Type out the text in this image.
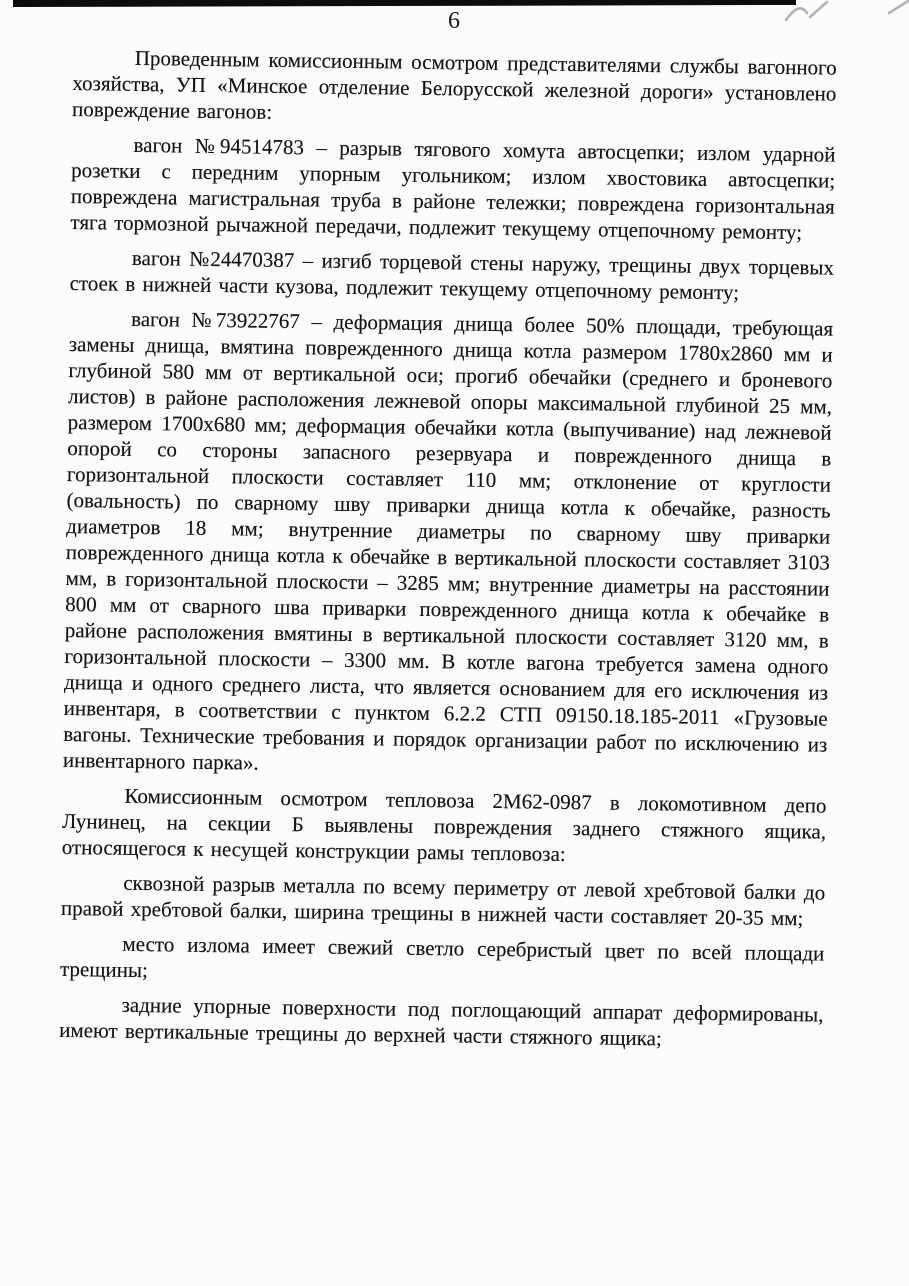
6

Проведенным комиссионным осмотром представителями службы вагонного хозяйства, УП «Минское отделение Белорусской железной дороги» установлено повреждение вагонов:

вагон №94514783 – разрыв тягового хомута автосцепки; излом ударной розетки с передним упорным угольником; излом хвостовика автосцепки; повреждена магистральная труба в районе тележки; повреждена горизонтальная тяга тормозной рычажной передачи, подлежит текущему отцепочному ремонту;

вагон №24470387 – изгиб торцевой стены наружу, трещины двух торцевых стоек в нижней части кузова, подлежит текущему отцепочному ремонту;

вагон №73922767 – деформация днища более 50% площади, требующая замены днища, вмятина поврежденного днища котла размером 1780х2860 мм и глубиной 580 мм от вертикальной оси; прогиб обечайки (среднего и броневого листов) в районе расположения лежневой опоры максимальной глубиной 25 мм, размером 1700х680 мм; деформация обечайки котла (выпучивание) над лежневой опорой со стороны запасного резервуара и поврежденного днища в горизонтальной плоскости составляет 110 мм; отклонение от круглости (овальность) по сварному шву приварки днища котла к обечайке, разность диаметров 18 мм; внутренние диаметры по сварному шву приварки поврежденного днища котла к обечайке в вертикальной плоскости составляет 3103 мм, в горизонтальной плоскости – 3285 мм; внутренние диаметры на расстоянии 800 мм от сварного шва приварки поврежденного днища котла к обечайке в районе расположения вмятины в вертикальной плоскости составляет 3120 мм, в горизонтальной плоскости – 3300 мм. В котле вагона требуется замена одного днища и одного среднего листа, что является основанием для его исключения из инвентаря, в соответствии с пунктом 6.2.2 СТП 09150.18.185-2011 «Грузовые вагоны. Технические требования и порядок организации работ по исключению из инвентарного парка».

Комиссионным осмотром тепловоза 2М62-0987 в локомотивном депо Лунинец, на секции Б выявлены повреждения заднего стяжного ящика, относящегося к несущей конструкции рамы тепловоза:

сквозной разрыв металла по всему периметру от левой хребтовой балки до правой хребтовой балки, ширина трещины в нижней части составляет 20-35 мм;

место излома имеет свежий светло серебристый цвет по всей площади трещины;

задние упорные поверхности под поглощающий аппарат деформированы, имеют вертикальные трещины до верхней части стяжного ящика;
